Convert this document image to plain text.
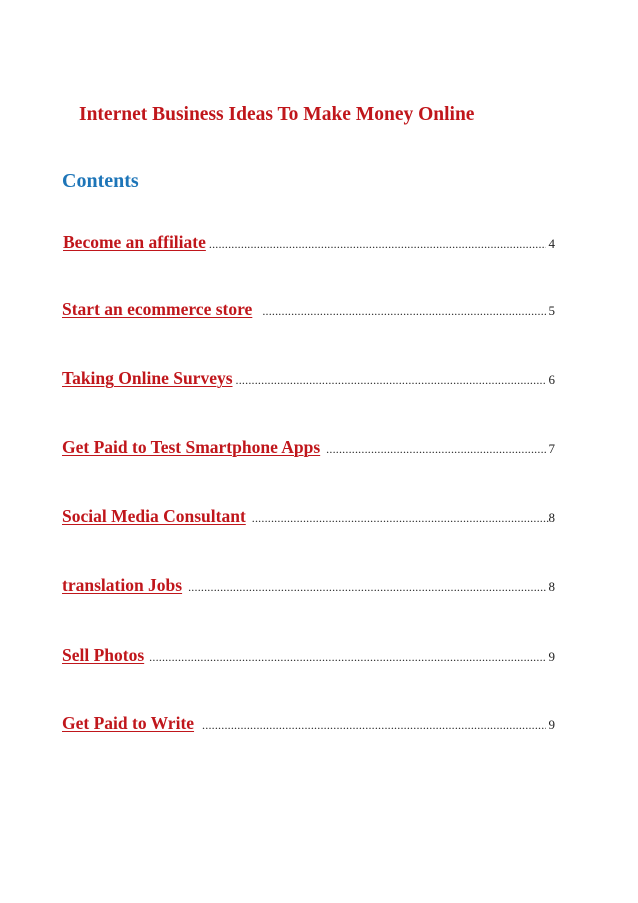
Internet Business Ideas To Make Money Online
Contents
Become an affiliate .....	4
Start an ecommerce store .....	5
Taking Online Surveys .....	6
Get Paid to Test Smartphone Apps .....	7
Social Media Consultant .....	8
translation Jobs .....	8
Sell Photos .....	9
Get Paid to Write .....	9
